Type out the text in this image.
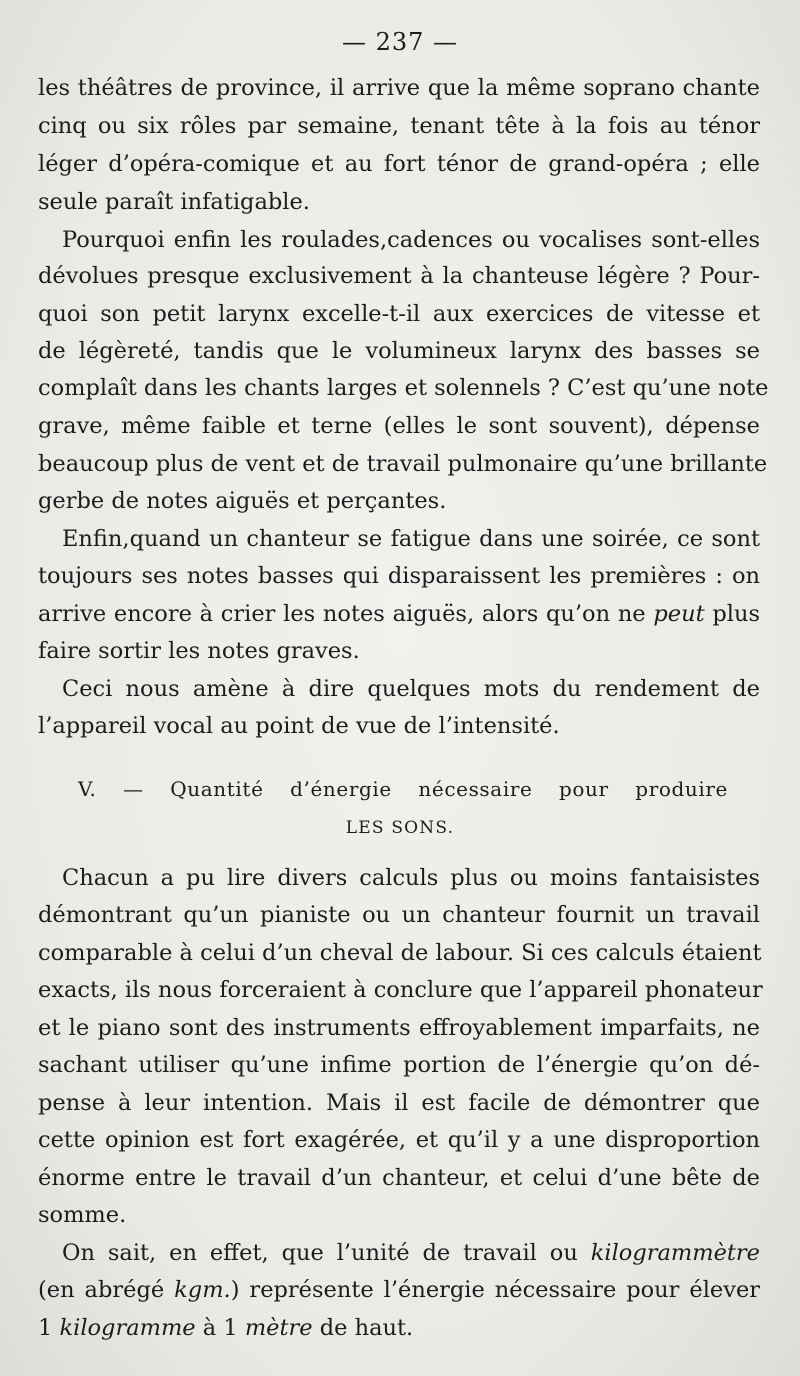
— 237 —
les théâtres de province, il arrive que la même soprano chante
cinq ou six rôles par semaine, tenant tête à la fois au ténor
léger d’opéra-comique et au fort ténor de grand-opéra ; elle
seule paraît infatigable.
Pourquoi enfin les roulades,cadences ou vocalises sont-elles
dévolues presque exclusivement à la chanteuse légère ? Pour-
quoi son petit larynx excelle-t-il aux exercices de vitesse et
de légèreté, tandis que le volumineux larynx des basses se
complaît dans les chants larges et solennels ? C’est qu’une note
grave, même faible et terne (elles le sont souvent), dépense
beaucoup plus de vent et de travail pulmonaire qu’une brillante
gerbe de notes aiguës et perçantes.
Enfin,quand un chanteur se fatigue dans une soirée, ce sont
toujours ses notes basses qui disparaissent les premières : on
arrive encore à crier les notes aiguës, alors qu’on ne peut plus
faire sortir les notes graves.
Ceci nous amène à dire quelques mots du rendement de
l’appareil vocal au point de vue de l’intensité.
V. — Quantité d’énergie nécessaire pour produire
LES SONS.
Chacun a pu lire divers calculs plus ou moins fantaisistes
démontrant qu’un pianiste ou un chanteur fournit un travail
comparable à celui d’un cheval de labour. Si ces calculs étaient
exacts, ils nous forceraient à conclure que l’appareil phonateur
et le piano sont des instruments effroyablement imparfaits, ne
sachant utiliser qu’une infime portion de l’énergie qu’on dé-
pense à leur intention. Mais il est facile de démontrer que
cette opinion est fort exagérée, et qu’il y a une disproportion
énorme entre le travail d’un chanteur, et celui d’une bête de
somme.
On sait, en effet, que l’unité de travail ou kilogrammètre
(en abrégé kgm.) représente l’énergie nécessaire pour élever
1 kilogramme à 1 mètre de haut.
